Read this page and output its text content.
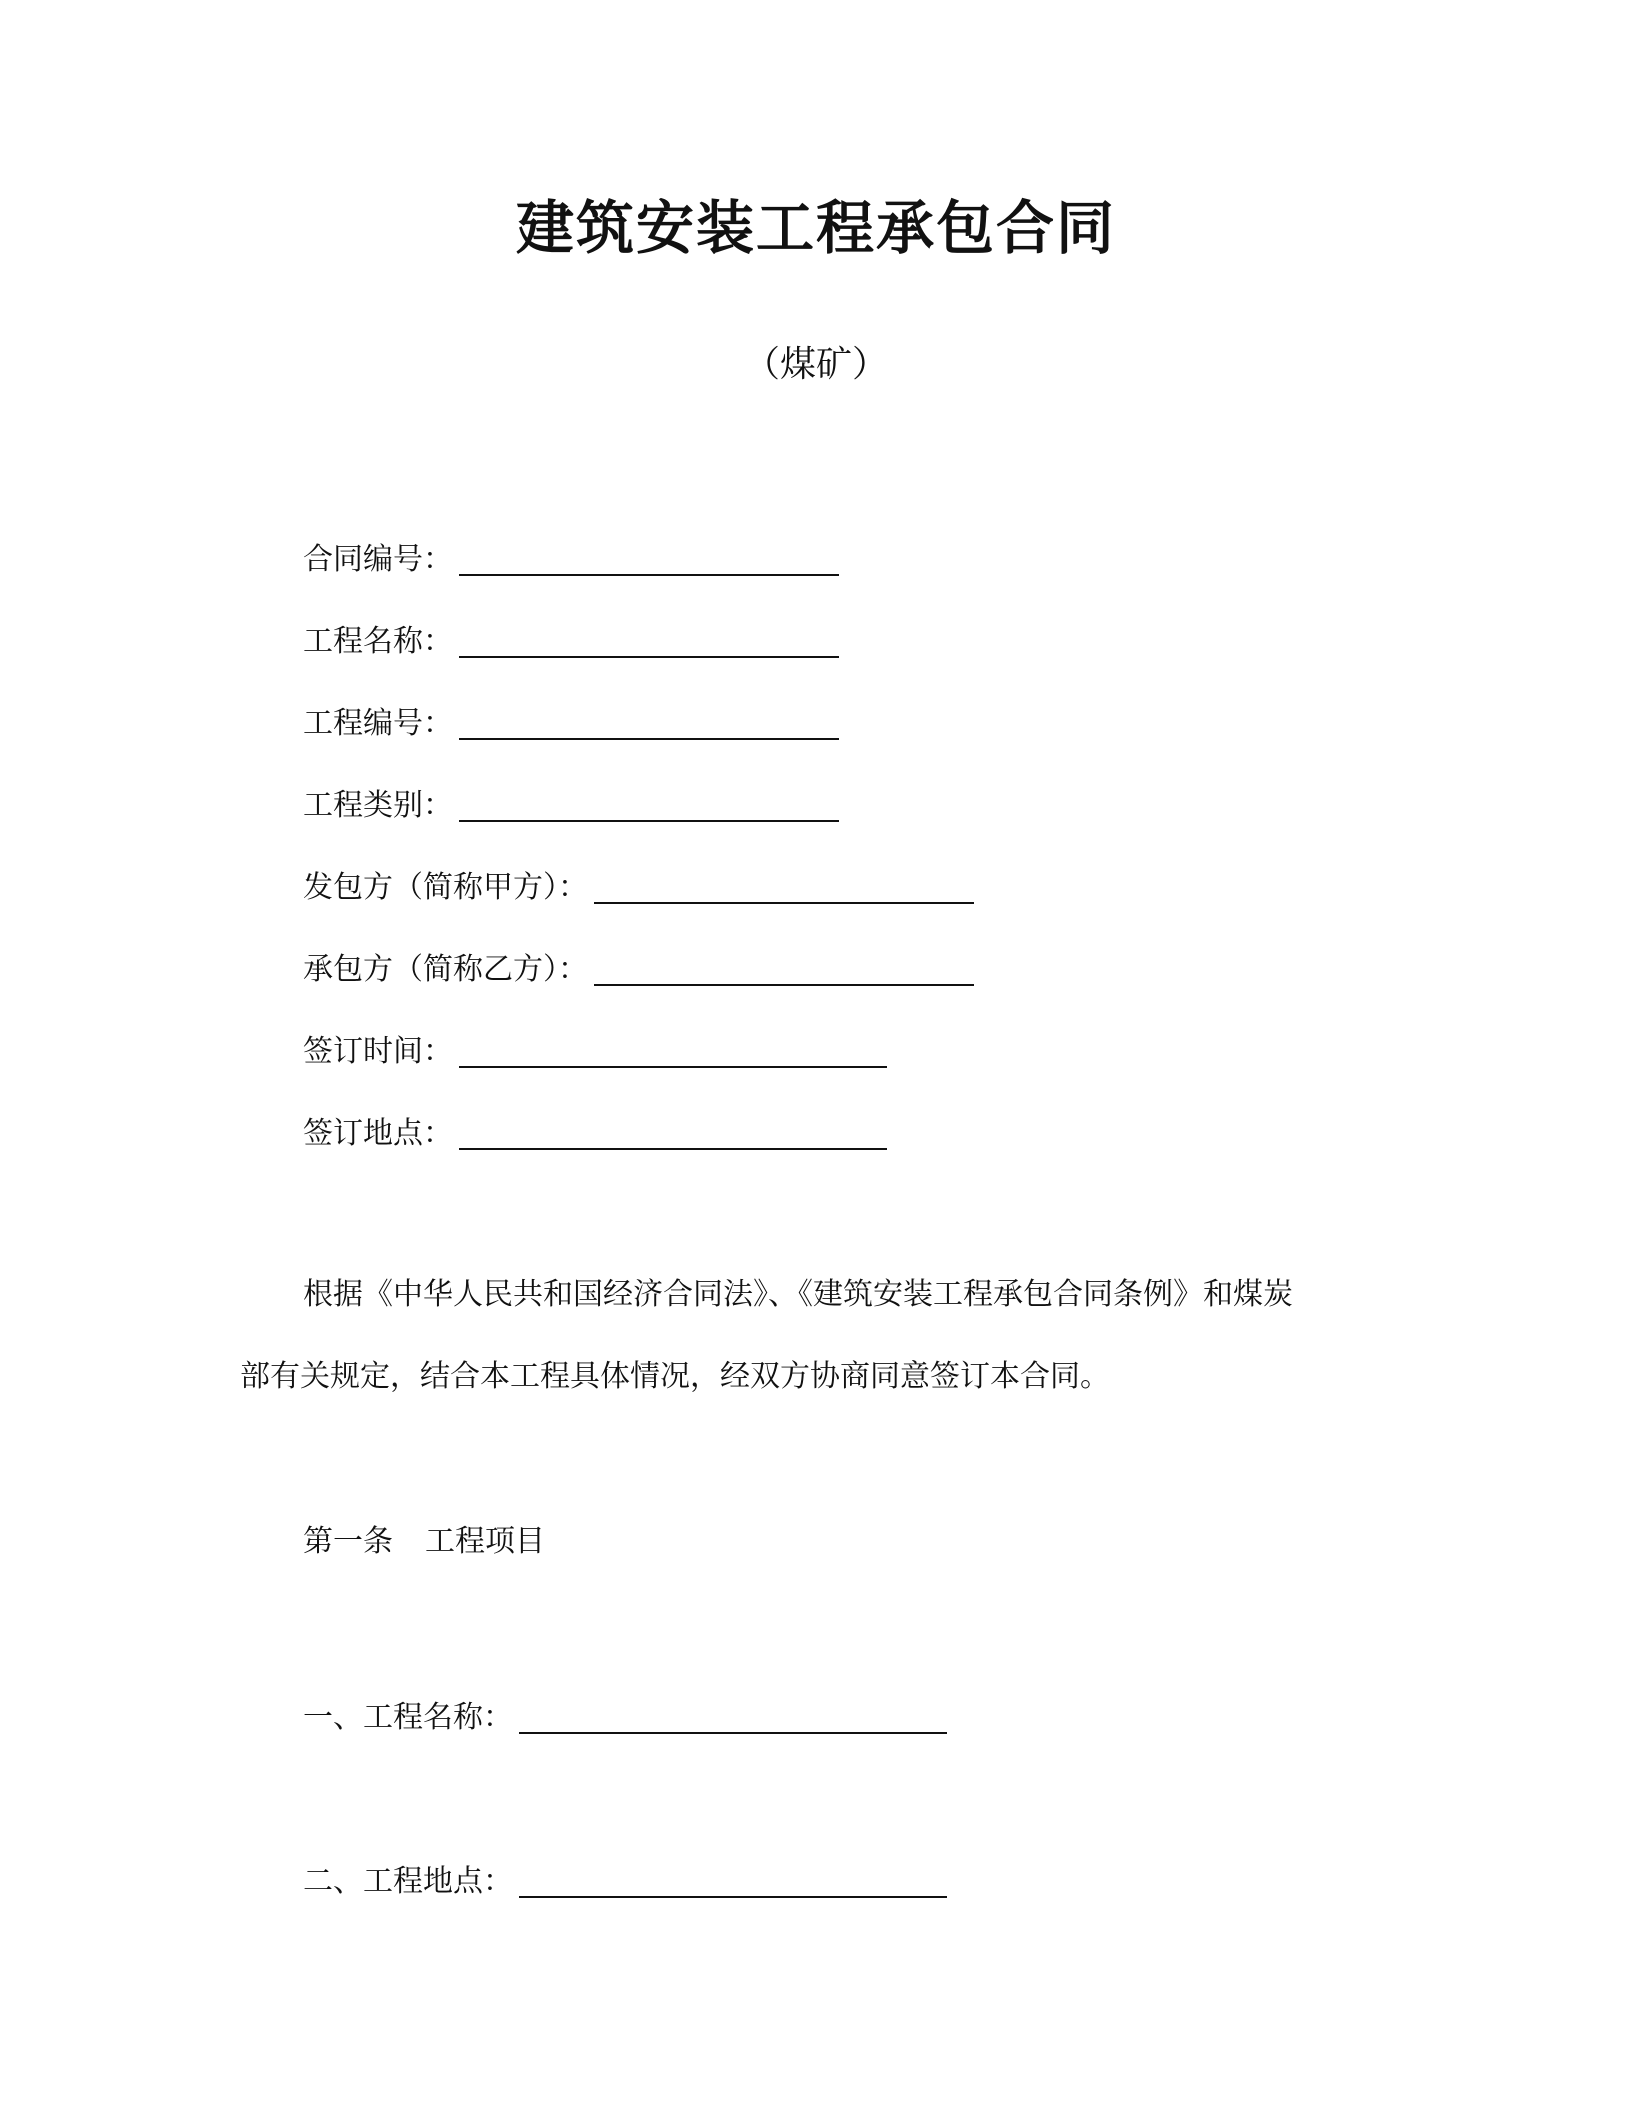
建筑安装工程承包合同
（煤矿）
合同编号：
工程名称：
工程编号：
工程类别：
发包方（简称甲方）：
承包方（简称乙方）：
签订时间：
签订地点：
根据《中华人民共和国经济合同法》、《建筑安装工程承包合同条例》和煤炭
部有关规定，结合本工程具体情况，经双方协商同意签订本合同。
第一条 工程项目
一、工程名称：
二、工程地点：
